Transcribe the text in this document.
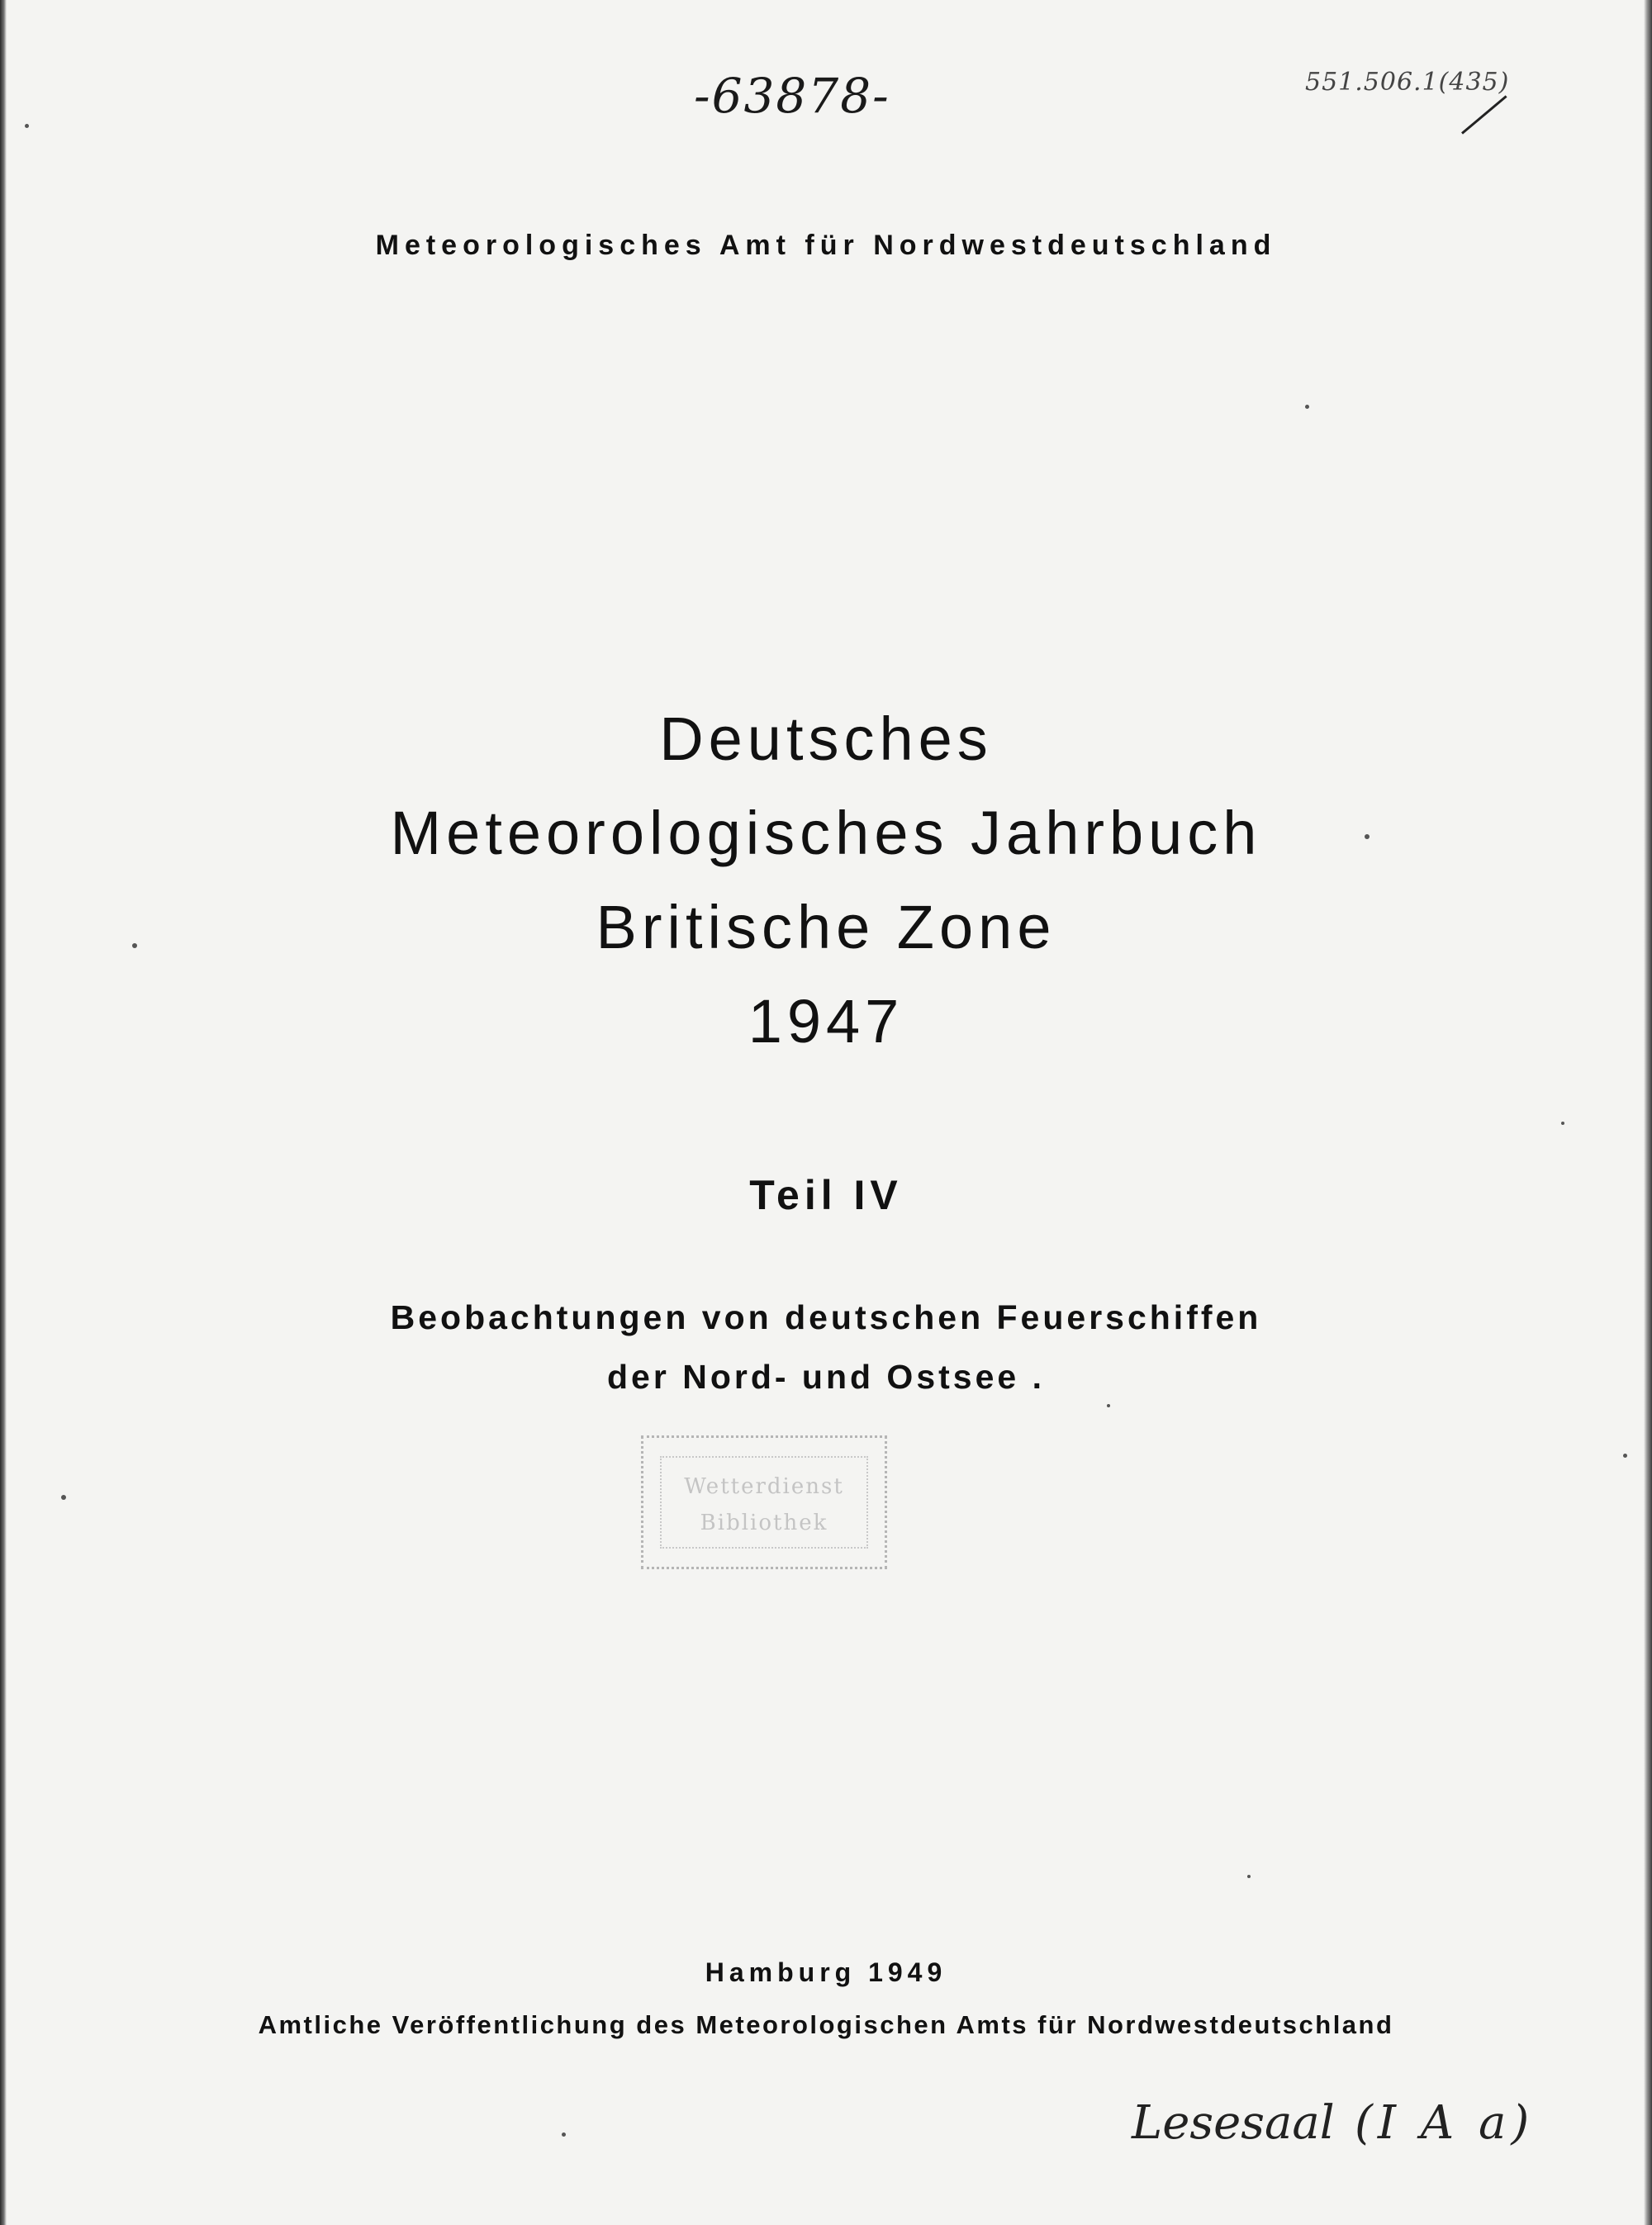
-63878-	551.506.1(435)
Meteorologisches Amt für Nordwestdeutschland
Deutsches
Meteorologisches Jahrbuch
Britische Zone
1947
Teil IV
Beobachtungen von deutschen Feuerschiffen
der Nord- und Ostsee .
Wetterdienst
Bibliothek
Hamburg 1949
Amtliche Veröffentlichung des Meteorologischen Amts für Nordwestdeutschland
Lesesaal (I A a)
